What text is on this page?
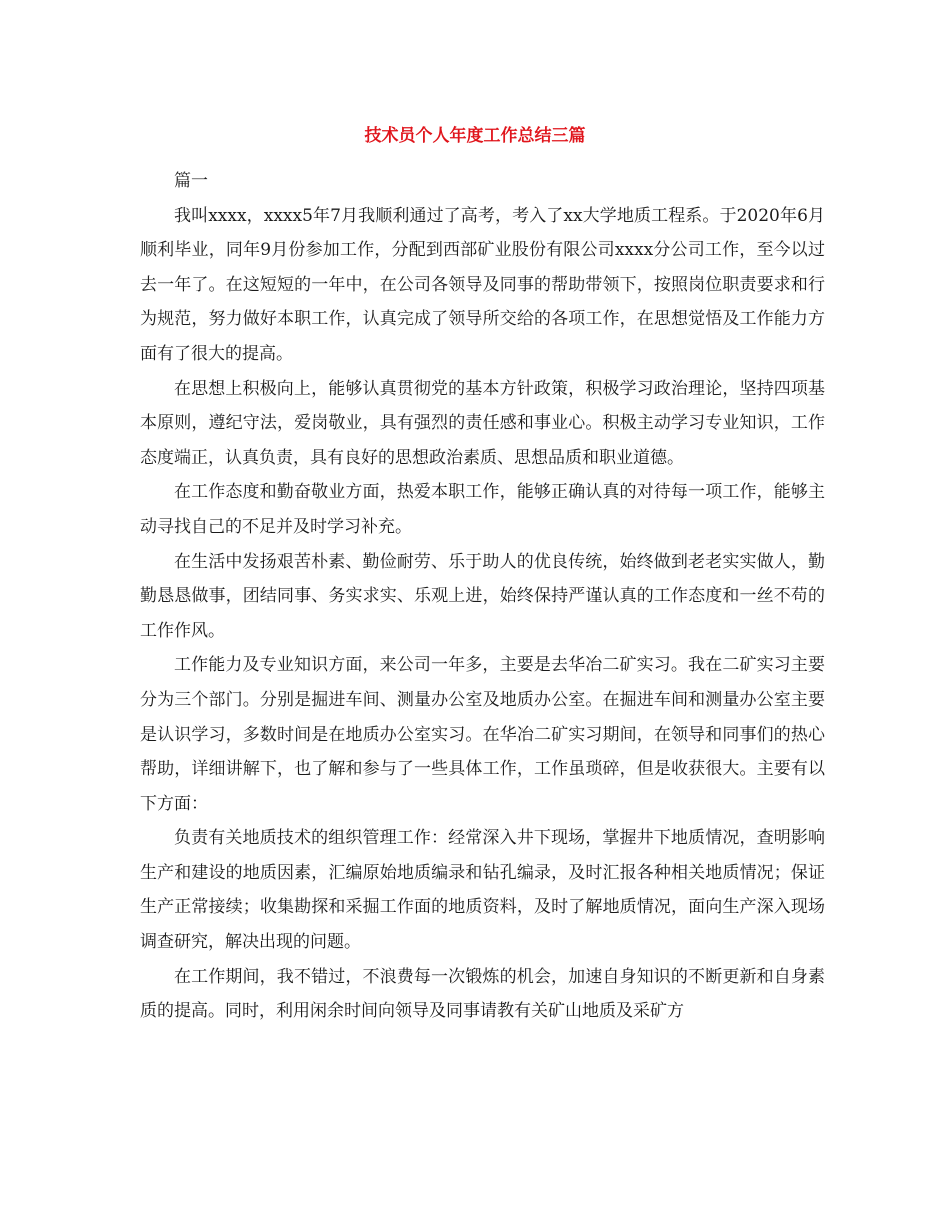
技术员个人年度工作总结三篇

篇一

我叫xxxx，xxxx5年7月我顺利通过了高考，考入了xx大学地质工程系。于2020年6月顺利毕业，同年9月份参加工作，分配到西部矿业股份有限公司xxxx分公司工作，至今以过去一年了。在这短短的一年中，在公司各领导及同事的帮助带领下，按照岗位职责要求和行为规范，努力做好本职工作，认真完成了领导所交给的各项工作，在思想觉悟及工作能力方面有了很大的提高。

在思想上积极向上，能够认真贯彻党的基本方针政策，积极学习政治理论，坚持四项基本原则，遵纪守法，爱岗敬业，具有强烈的责任感和事业心。积极主动学习专业知识，工作态度端正，认真负责，具有良好的思想政治素质、思想品质和职业道德。

在工作态度和勤奋敬业方面，热爱本职工作，能够正确认真的对待每一项工作，能够主动寻找自己的不足并及时学习补充。

在生活中发扬艰苦朴素、勤俭耐劳、乐于助人的优良传统，始终做到老老实实做人，勤勤恳恳做事，团结同事、务实求实、乐观上进，始终保持严谨认真的工作态度和一丝不苟的工作作风。

工作能力及专业知识方面，来公司一年多，主要是去华冶二矿实习。我在二矿实习主要分为三个部门。分别是掘进车间、测量办公室及地质办公室。在掘进车间和测量办公室主要是认识学习，多数时间是在地质办公室实习。在华冶二矿实习期间，在领导和同事们的热心帮助，详细讲解下，也了解和参与了一些具体工作，工作虽琐碎，但是收获很大。主要有以下方面：

负责有关地质技术的组织管理工作：经常深入井下现场，掌握井下地质情况，查明影响生产和建设的地质因素，汇编原始地质编录和钻孔编录，及时汇报各种相关地质情况；保证生产正常接续；收集勘探和采掘工作面的地质资料，及时了解地质情况，面向生产深入现场调查研究，解决出现的问题。

在工作期间，我不错过，不浪费每一次锻炼的机会，加速自身知识的不断更新和自身素质的提高。同时，利用闲余时间向领导及同事请教有关矿山地质及采矿方
